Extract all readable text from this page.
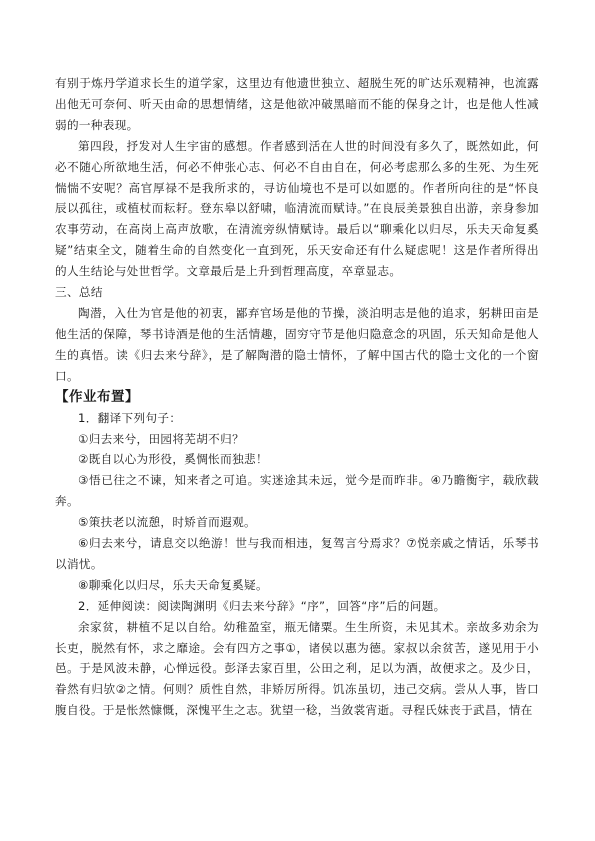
有别于炼丹学道求长生的道学家，这里边有他遗世独立、超脱生死的旷达乐观精神，也流露出他无可奈何、听天由命的思想情绪，这是他欲冲破黑暗而不能的保身之计，也是他人性减弱的一种表现。

第四段，抒发对人生宇宙的感想。作者感到活在人世的时间没有多久了，既然如此，何必不随心所欲地生活，何必不伸张心志、何必不自由自在，何必考虑那么多的生死、为生死惴惴不安呢？高官厚禄不是我所求的，寻访仙境也不是可以如愿的。作者所向往的是“怀良辰以孤往，或植杖而耘耔。登东皋以舒啸，临清流而赋诗。”在良辰美景独自出游，亲身参加农事劳动，在高岗上高声放歌，在清流旁纵情赋诗。最后以“聊乘化以归尽，乐夫天命复奚疑”结束全文，随着生命的自然变化一直到死，乐天安命还有什么疑虑呢！这是作者所得出的人生结论与处世哲学。文章最后是上升到哲理高度，卒章显志。

三、总结

陶潜，入仕为官是他的初衷，鄙弃官场是他的节操，淡泊明志是他的追求，躬耕田亩是他生活的保障，琴书诗酒是他的生活情趣，固穷守节是他归隐意念的巩固，乐天知命是他人生的真悟。读《归去来兮辞》，是了解陶潜的隐士情怀，了解中国古代的隐士文化的一个窗口。

【作业布置】

1．翻译下列句子：

①归去来兮，田园将芜胡不归？

②既自以心为形役，奚惆怅而独悲！

③悟已往之不谏，知来者之可追。实迷途其未远，觉今是而昨非。④乃瞻衡宇，载欣载奔。

⑤策扶老以流憩，时矫首而遐观。

⑥归去来兮，请息交以绝游！世与我而相违，复驾言兮焉求？⑦悦亲戚之情话，乐琴书以消忧。

⑧聊乘化以归尽，乐夫天命复奚疑。

2．延伸阅读：阅读陶渊明《归去来兮辞》“序”，回答“序”后的问题。

余家贫，耕植不足以自给。幼稚盈室，瓶无储粟。生生所资，未见其术。亲故多劝余为长吏，脱然有怀，求之靡途。会有四方之事①，诸侯以惠为德。家叔以余贫苦，遂见用于小邑。于是风波未静，心惮远役。彭泽去家百里，公田之利，足以为酒，故便求之。及少日，眷然有归欤②之情。何则？质性自然，非矫厉所得。饥冻虽切，违己交病。尝从人事，皆口腹自役。于是怅然慷慨，深愧平生之志。犹望一稔，当敛裳宵逝。寻程氏妹丧于武昌，情在
